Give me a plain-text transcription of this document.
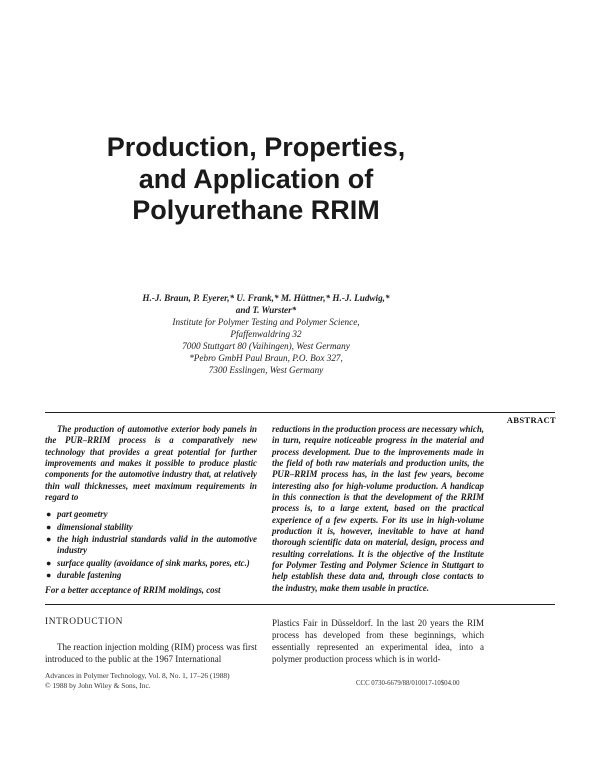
Production, Properties,
and Application of
Polyurethane RRIM
H.-J. Braun, P. Eyerer,* U. Frank,* M. Hüttner,* H.-J. Ludwig,*
and T. Wurster*
Institute for Polymer Testing and Polymer Science,
Pfaffenwaldring 32
7000 Stuttgart 80 (Vaihingen), West Germany
*Pebro GmbH Paul Braun, P.O. Box 327,
7300 Esslingen, West Germany
ABSTRACT
The production of automotive exterior body panels in the PUR–RRIM process is a comparatively new technology that provides a great potential for further improvements and makes it possible to produce plastic components for the automotive industry that, at relatively thin wall thicknesses, meet maximum requirements in regard to
● part geometry
● dimensional stability
● the high industrial standards valid in the automotive industry
● surface quality (avoidance of sink marks, pores, etc.)
● durable fastening
For a better acceptance of RRIM moldings, cost
reductions in the production process are necessary which, in turn, require noticeable progress in the material and process development. Due to the improvements made in the field of both raw materials and production units, the PUR–RRIM process has, in the last few years, become interesting also for high-volume production. A handicap in this connection is that the development of the RRIM process is, to a large extent, based on the practical experience of a few experts. For its use in high-volume production it is, however, inevitable to have at hand thorough scientific data on material, design, process and resulting correlations. It is the objective of the Institute for Polymer Testing and Polymer Science in Stuttgart to help establish these data and, through close contacts to the industry, make them usable in practice.
INTRODUCTION
The reaction injection molding (RIM) process was first introduced to the public at the 1967 International
Plastics Fair in Düsseldorf. In the last 20 years the RIM process has developed from these beginnings, which essentially represented an experimental idea, into a polymer production process which is in world-
Advances in Polymer Technology, Vol. 8, No. 1, 17–26 (1988)
© 1988 by John Wiley & Sons, Inc.	CCC 0730-6679/88/010017-10$04.00
